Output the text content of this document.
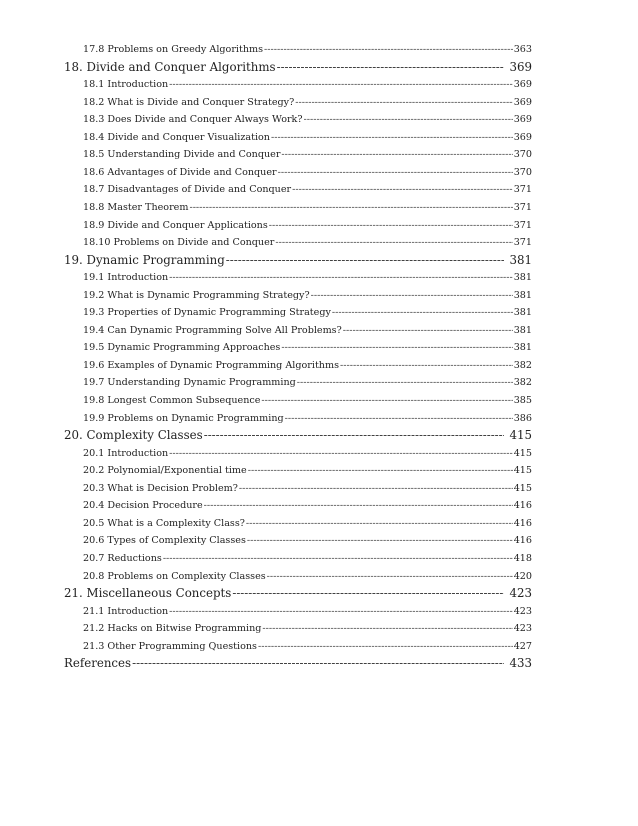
17.8 Problems on Greedy Algorithms -----	363
18. Divide and Conquer Algorithms -----	369
18.1 Introduction -----	369
18.2 What is Divide and Conquer Strategy? -----	369
18.3 Does Divide and Conquer Always Work? -----	369
18.4 Divide and Conquer Visualization -----	369
18.5 Understanding Divide and Conquer -----	370
18.6 Advantages of Divide and Conquer -----	370
18.7 Disadvantages of Divide and Conquer -----	371
18.8 Master Theorem -----	371
18.9 Divide and Conquer Applications -----	371
18.10 Problems on Divide and Conquer -----	371
19. Dynamic Programming -----	381
19.1 Introduction -----	381
19.2 What is Dynamic Programming Strategy? -----	381
19.3 Properties of Dynamic Programming Strategy -----	381
19.4 Can Dynamic Programming Solve All Problems? -----	381
19.5 Dynamic Programming Approaches -----	381
19.6 Examples of Dynamic Programming Algorithms -----	382
19.7 Understanding Dynamic Programming -----	382
19.8 Longest Common Subsequence -----	385
19.9 Problems on Dynamic Programming -----	386
20. Complexity Classes -----	415
20.1 Introduction -----	415
20.2 Polynomial/Exponential time -----	415
20.3 What is Decision Problem? -----	415
20.4 Decision Procedure -----	416
20.5 What is a Complexity Class? -----	416
20.6 Types of Complexity Classes -----	416
20.7 Reductions -----	418
20.8 Problems on Complexity Classes -----	420
21. Miscellaneous Concepts -----	423
21.1 Introduction -----	423
21.2 Hacks on Bitwise Programming -----	423
21.3 Other Programming Questions -----	427
References -----	433
